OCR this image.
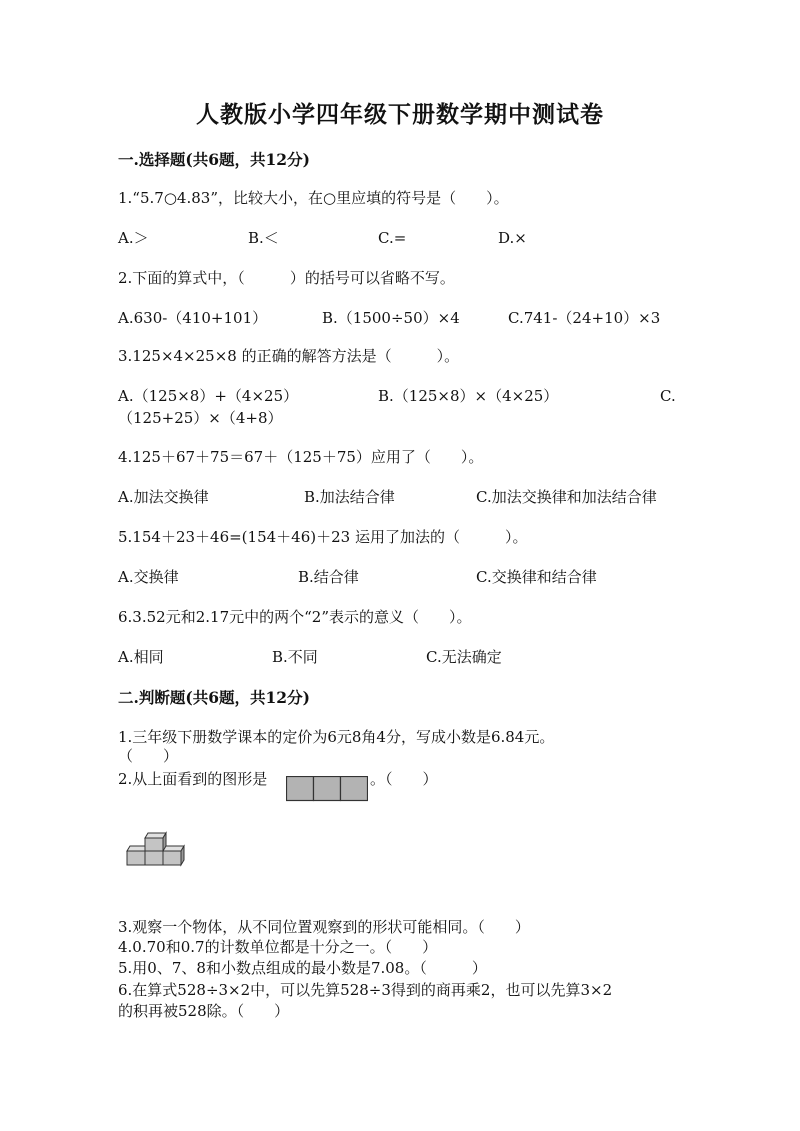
人教版小学四年级下册数学期中测试卷
一.选择题(共6题，共12分)
1.“5.7○4.83”，比较大小，在○里应填的符号是（　　）。
A.＞	B.＜	C.=	D.×
2.下面的算式中，（　　　）的括号可以省略不写。
A.630-（410+101）	B.（1500÷50）×4	C.741-（24+10）×3
3.125×4×25×8 的正确的解答方法是（　　　）。
A.（125×8）+（4×25）	B.（125×8）×（4×25）	C.
（125+25）×（4+8）
4.125＋67＋75＝67＋（125＋75）应用了（　　）。
A.加法交换律	B.加法结合律	C.加法交换律和加法结合律
5.154＋23＋46=(154＋46)＋23 运用了加法的（　　　）。
A.交换律	B.结合律	C.交换律和结合律
6.3.52元和2.17元中的两个“2”表示的意义（　　）。
A.相同	B.不同	C.无法确定
二.判断题(共6题，共12分)
1.三年级下册数学课本的定价为6元8角4分，写成小数是6.84元。
（　　）
2.从上面看到的图形是	。（　　）
3.观察一个物体，从不同位置观察到的形状可能相同。（　　）
4.0.70和0.7的计数单位都是十分之一。（　　）
5.用0、7、8和小数点组成的最小数是7.08。（　　　）
6.在算式528÷3×2中，可以先算528÷3得到的商再乘2，也可以先算3×2
的积再被528除。（　　）
